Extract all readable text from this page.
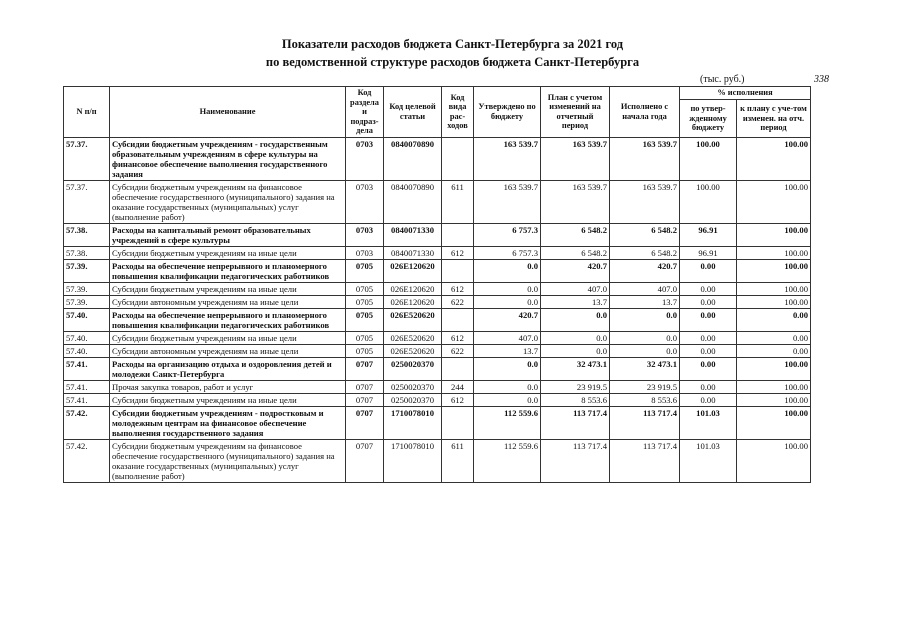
Показатели расходов бюджета Санкт-Петербурга за 2021 год
по ведомственной структуре расходов бюджета Санкт-Петербурга
(тыс. руб.)	338
N п/п	Наименование	Код раздела и подраз-дела	Код целевой статьи	Код вида рас-ходов	Утверждено по бюджету	План с учетом изменений на отчетный период	Исполнено с начала года	% исполнения	
								по утвер-жденному бюджету	к плану с уче-том изменен. на отч. период
57.37.	Субсидии бюджетным учреждениям - государственным образовательным учреждениям в сфере культуры на финансовое обеспечение выполнения государственного задания	0703	0840070890		163 539.7	163 539.7	163 539.7	100.00	100.00
57.37.	Субсидии бюджетным учреждениям на финансовое обеспечение государственного (муниципального) задания на оказание государственных (муниципальных) услуг (выполнение работ)	0703	0840070890	611	163 539.7	163 539.7	163 539.7	100.00	100.00
57.38.	Расходы на капитальный ремонт образовательных учреждений в сфере культуры	0703	0840071330		6 757.3	6 548.2	6 548.2	96.91	100.00
57.38.	Субсидии бюджетным учреждениям на иные цели	0703	0840071330	612	6 757.3	6 548.2	6 548.2	96.91	100.00
57.39.	Расходы на обеспечение непрерывного и планомерного повышения квалификации педагогических работников	0705	026Е120620		0.0	420.7	420.7	0.00	100.00
57.39.	Субсидии бюджетным учреждениям на иные цели	0705	026Е120620	612	0.0	407.0	407.0	0.00	100.00
57.39.	Субсидии автономным учреждениям на иные цели	0705	026Е120620	622	0.0	13.7	13.7	0.00	100.00
57.40.	Расходы на обеспечение непрерывного и планомерного повышения квалификации педагогических работников	0705	026Е520620		420.7	0.0	0.0	0.00	0.00
57.40.	Субсидии бюджетным учреждениям на иные цели	0705	026Е520620	612	407.0	0.0	0.0	0.00	0.00
57.40.	Субсидии автономным учреждениям на иные цели	0705	026Е520620	622	13.7	0.0	0.0	0.00	0.00
57.41.	Расходы на организацию отдыха и оздоровления детей и молодежи Санкт-Петербурга	0707	0250020370		0.0	32 473.1	32 473.1	0.00	100.00
57.41.	Прочая закупка товаров, работ и услуг	0707	0250020370	244	0.0	23 919.5	23 919.5	0.00	100.00
57.41.	Субсидии бюджетным учреждениям на иные цели	0707	0250020370	612	0.0	8 553.6	8 553.6	0.00	100.00
57.42.	Субсидии бюджетным учреждениям - подростковым и молодежным центрам на финансовое обеспечение выполнения государственного задания	0707	1710078010		112 559.6	113 717.4	113 717.4	101.03	100.00
57.42.	Субсидии бюджетным учреждениям на финансовое обеспечение государственного (муниципального) задания на оказание государственных (муниципальных) услуг (выполнение работ)	0707	1710078010	611	112 559.6	113 717.4	113 717.4	101.03	100.00
